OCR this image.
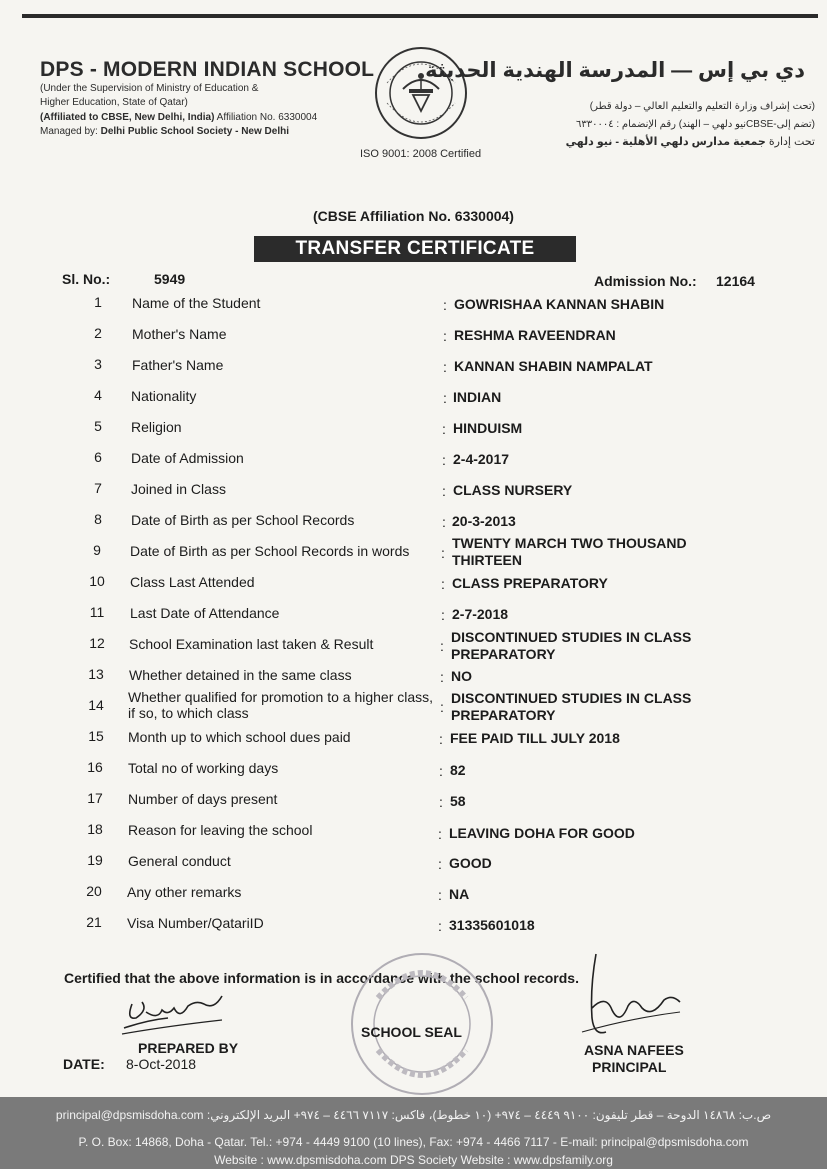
DPS - MODERN INDIAN SCHOOL
(Under the Supervision of Ministry of Education &
Higher Education, State of Qatar)
(Affiliated to CBSE, New Delhi, India) Affiliation No. 6330004
Managed by: Delhi Public School Society - New Delhi
ISO 9001: 2008 Certified
دي بي إس — المدرسة الهندية الحديثة
(تحت إشراف وزارة التعليم والتعليم العالي – دولة قطر)
(تضم إلى-CBSEنيو دلهي – الهند) رقم الإنضمام : ٦٣٣٠٠٠٤
تحت إدارة جمعية مدارس دلهي الأهلية - نيو دلهي
(CBSE Affiliation No. 6330004)
TRANSFER CERTIFICATE
Sl. No.:	5949	Admission No.: 12164
1	Name of the Student	: GOWRISHAA KANNAN SHABIN
2	Mother's Name	: RESHMA RAVEENDRAN
3	Father's Name	: KANNAN SHABIN NAMPALAT
4	Nationality	: INDIAN
5	Religion	: HINDUISM
6	Date of Admission	: 2-4-2017
7	Joined in Class	: CLASS NURSERY
8	Date of Birth as per School Records	: 20-3-2013
9	Date of Birth as per School Records in words :
TWENTY MARCH TWO THOUSAND
THIRTEEN
10	Class Last Attended	: CLASS PREPARATORY
11	Last Date of Attendance	: 2-7-2018
12	School Examination last taken & Result	:
DISCONTINUED STUDIES IN CLASS
PREPARATORY
13	Whether detained in the same class	: NO
14	Whether qualified for promotion to a higher class,
if so, to which class	:
DISCONTINUED STUDIES IN CLASS
PREPARATORY
15	Month up to which school dues paid	: FEE PAID TILL JULY 2018
16	Total no of working days	: 82
17	Number of days present	: 58
18	Reason for leaving the school	: LEAVING DOHA FOR GOOD
19	General conduct	: GOOD
20	Any other remarks	: NA
21	Visa Number/QatariID	: 31335601018
Certified that the above information is in accordance with the school records.
SCHOOL SEAL
PREPARED BY
DATE: 8-Oct-2018
ASNA NAFEES
PRINCIPAL
principal@dpsmisdoha.com ص.ب: ١٤٨٦٨ الدوحة – قطر تليفون: ٩١٠٠ ٤٤٤٩ – ٩٧٤+ (١٠ خطوط)، فاكس: ٧١١٧ ٤٤٦٦ – ٩٧٤+ البريد الإلكتروني:
P. O. Box: 14868, Doha - Qatar. Tel.: +974 - 4449 9100 (10 lines), Fax: +974 - 4466 7117 - E-mail: principal@dpsmisdoha.com
Website : www.dpsmisdoha.com DPS Society Website : www.dpsfamily.org
